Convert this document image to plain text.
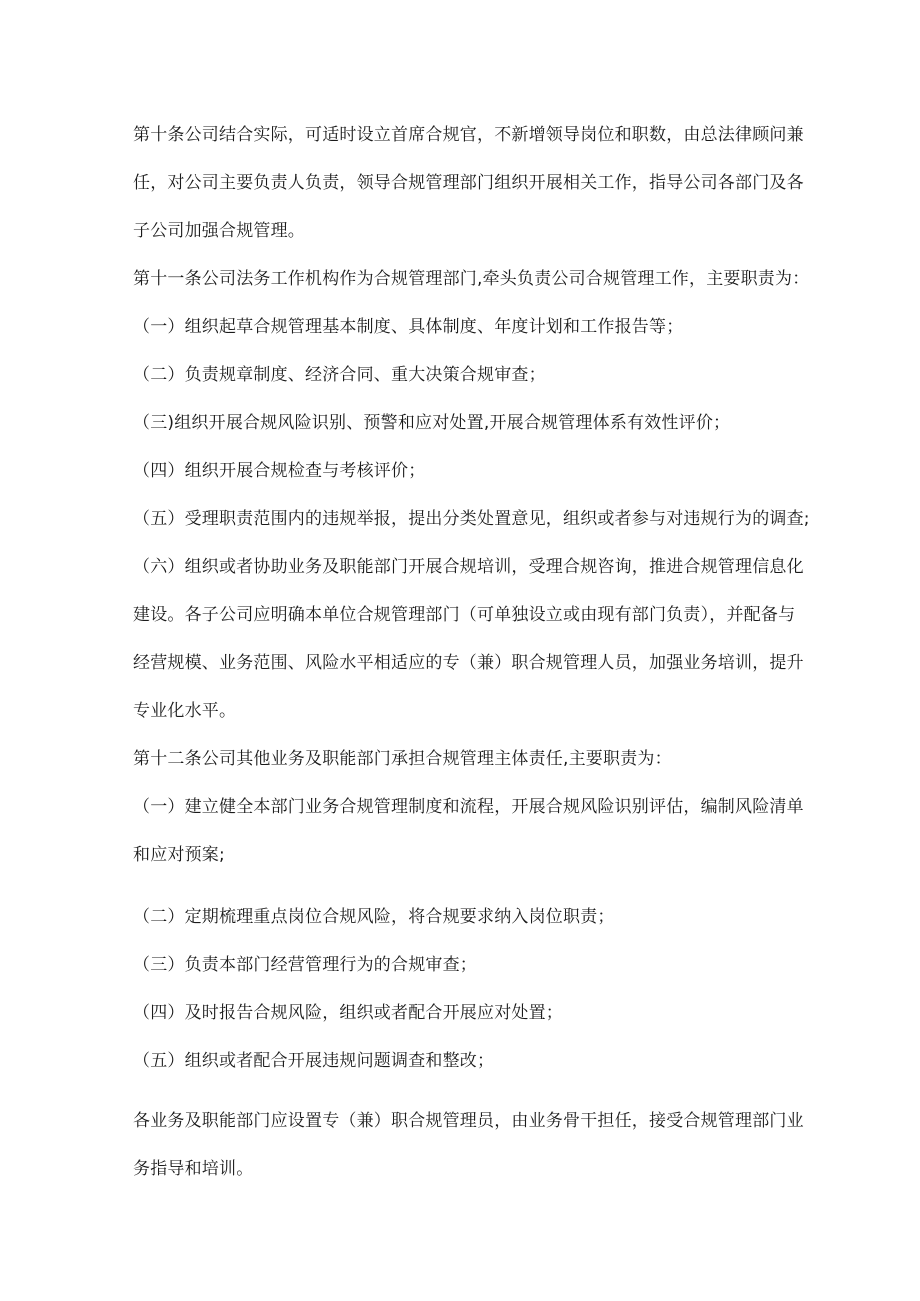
第十条公司结合实际，可适时设立首席合规官，不新增领导岗位和职数，由总法律顾问兼
任，对公司主要负责人负责，领导合规管理部门组织开展相关工作，指导公司各部门及各
子公司加强合规管理。
第十一条公司法务工作机构作为合规管理部门,牵头负责公司合规管理工作，主要职责为：
（一）组织起草合规管理基本制度、具体制度、年度计划和工作报告等；
（二）负责规章制度、经济合同、重大决策合规审查；
（三)组织开展合规风险识别、预警和应对处置,开展合规管理体系有效性评价；
（四）组织开展合规检查与考核评价；
（五）受理职责范围内的违规举报，提出分类处置意见，组织或者参与对违规行为的调查;
（六）组织或者协助业务及职能部门开展合规培训，受理合规咨询，推进合规管理信息化
建设。各子公司应明确本单位合规管理部门（可单独设立或由现有部门负责），并配备与
经营规模、业务范围、风险水平相适应的专（兼）职合规管理人员，加强业务培训，提升
专业化水平。
第十二条公司其他业务及职能部门承担合规管理主体责任,主要职责为：
（一）建立健全本部门业务合规管理制度和流程，开展合规风险识别评估，编制风险清单
和应对预案;
（二）定期梳理重点岗位合规风险，将合规要求纳入岗位职责；
（三）负责本部门经营管理行为的合规审查；
（四）及时报告合规风险，组织或者配合开展应对处置；
（五）组织或者配合开展违规问题调查和整改；
各业务及职能部门应设置专（兼）职合规管理员，由业务骨干担任，接受合规管理部门业
务指导和培训。
